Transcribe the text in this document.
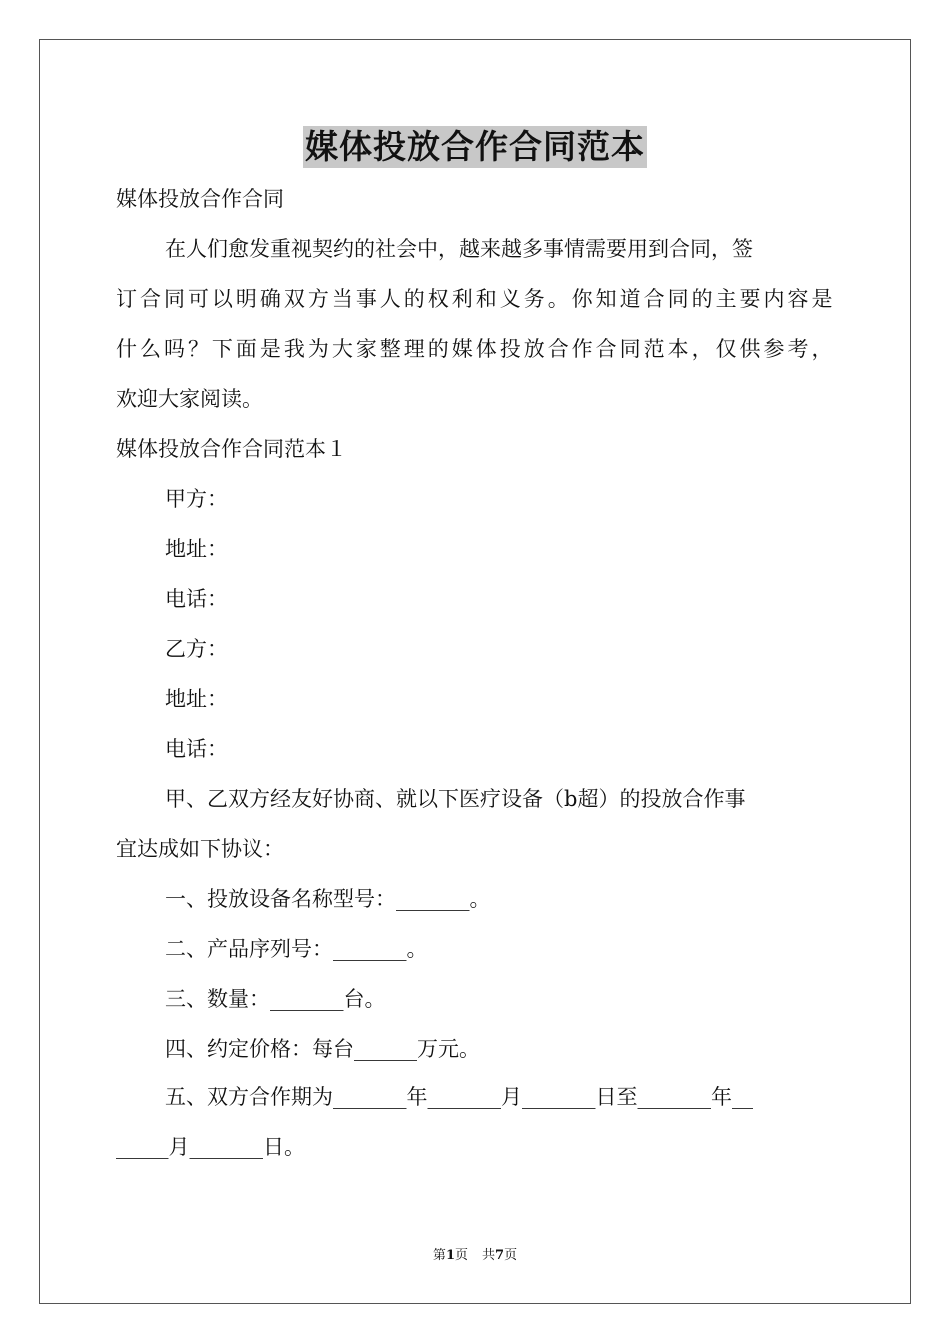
媒体投放合作合同范本
媒体投放合作合同
在人们愈发重视契约的社会中，越来越多事情需要用到合同，签
订合同可以明确双方当事人的权利和义务。你知道合同的主要内容是
什么吗？下面是我为大家整理的媒体投放合作合同范本，仅供参考，
欢迎大家阅读。
媒体投放合作合同范本１
甲方：
地址：
电话：
乙方：
地址：
电话：
甲、乙双方经友好协商、就以下医疗设备（b超）的投放合作事
宜达成如下协议：
一、投放设备名称型号：_______。
二、产品序列号：_______。
三、数量：_______台。
四、约定价格：每台______万元。
五、双方合作期为_______年_______月_______日至_______年__
_____月_______日。
第1页 共7页
